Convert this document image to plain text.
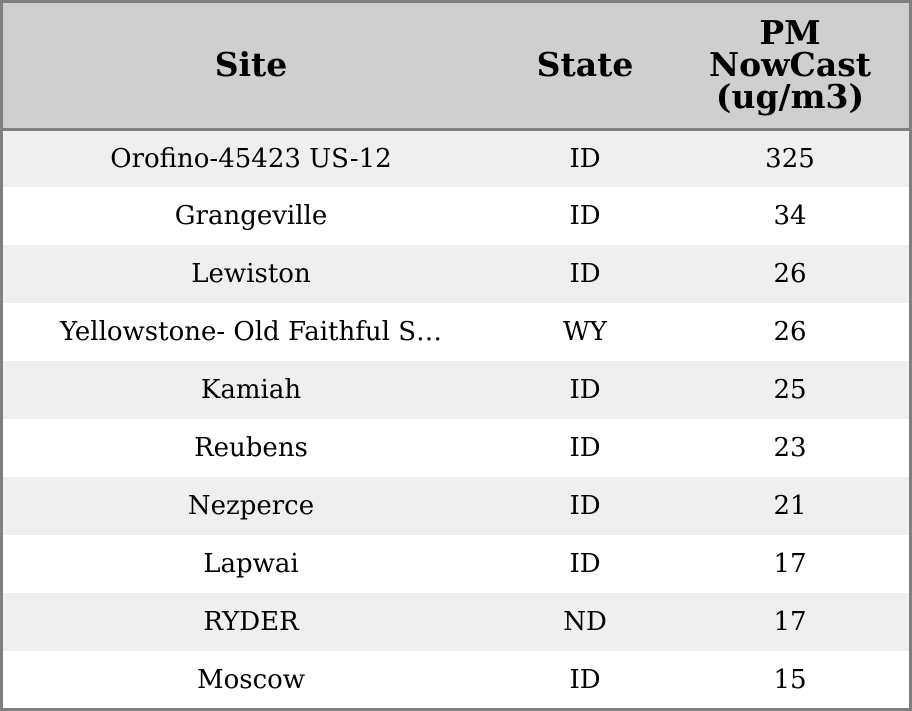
Site	State	PM
NowCast
(ug/m3)

Orofino-45423 US-12	ID	325
Grangeville	ID	34
Lewiston	ID	26
Yellowstone- Old Faithful S…	WY	26
Kamiah	ID	25
Reubens	ID	23
Nezperce	ID	21
Lapwai	ID	17
RYDER	ND	17
Moscow	ID	15
